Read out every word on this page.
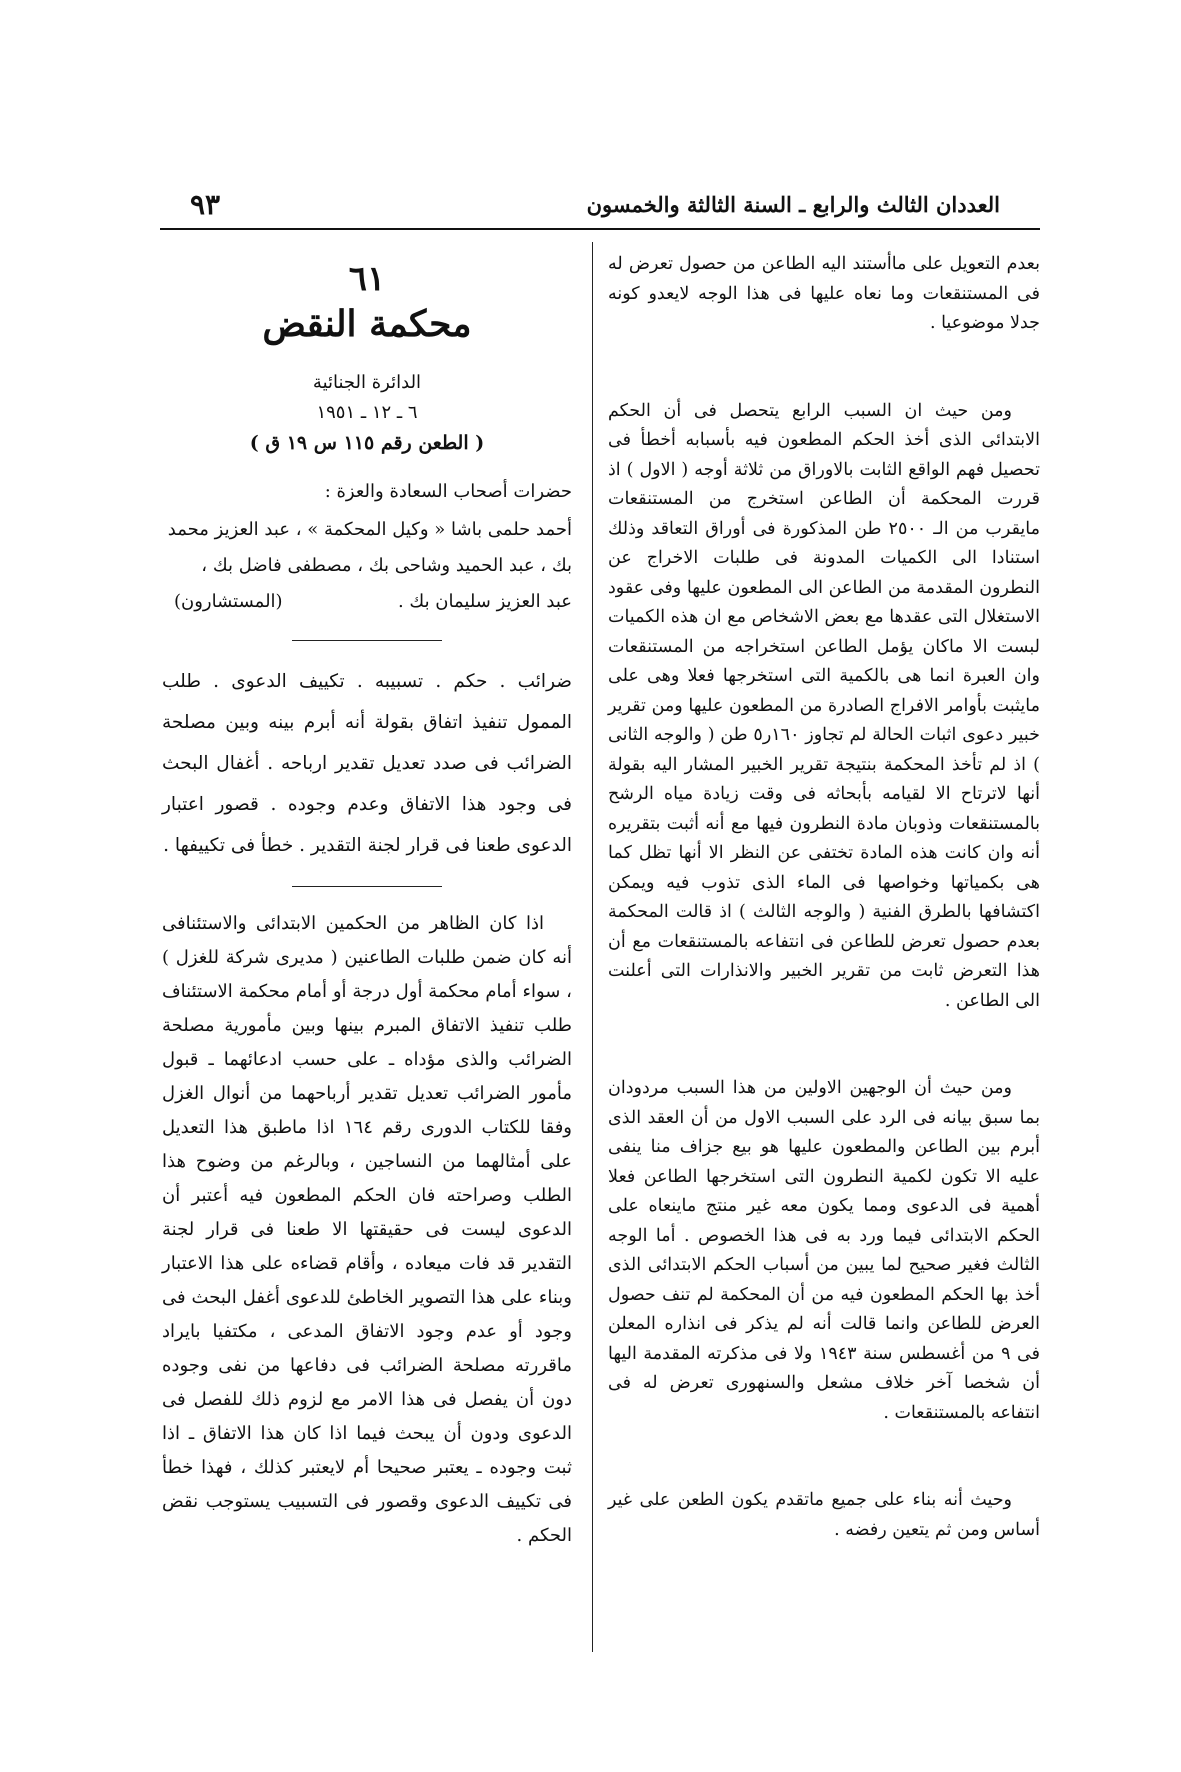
٩٣	العددان الثالث والرابع ـ السنة الثالثة والخمسون

بعدم التعويل على ماأستند اليه الطاعن من حصول تعرض له فى المستنقعات وما نعاه عليها فى هذا الوجه لايعدو كونه جدلا موضوعيا .

ومن حيث ان السبب الرابع يتحصل فى أن الحكم الابتدائى الذى أخذ الحكم المطعون فيه بأسبابه أخطأ فى تحصيل فهم الواقع الثابت بالاوراق من ثلاثة أوجه ( الاول ) اذ قررت المحكمة أن الطاعن استخرج من المستنقعات مايقرب من الـ ٢٥٠٠ طن المذكورة فى أوراق التعاقد وذلك استنادا الى الكميات المدونة فى طلبات الاخراج عن النطرون المقدمة من الطاعن الى المطعون عليها وفى عقود الاستغلال التى عقدها مع بعض الاشخاص مع ان هذه الكميات لبست الا ماكان يؤمل الطاعن استخراجه من المستنقعات وان العبرة انما هى بالكمية التى استخرجها فعلا وهى على مايثبت بأوامر الافراج الصادرة من المطعون عليها ومن تقرير خبير دعوى اثبات الحالة لم تجاوز ١٦٠ر٥ طن ( والوجه الثانى ) اذ لم تأخذ المحكمة بنتيجة تقرير الخبير المشار اليه بقولة أنها لاترتاح الا لقيامه بأبحاثه فى وقت زيادة مياه الرشح بالمستنقعات وذوبان مادة النطرون فيها مع أنه أثبت بتقريره أنه وان كانت هذه المادة تختفى عن النظر الا أنها تظل كما هى بكمياتها وخواصها فى الماء الذى تذوب فيه ويمكن اكتشافها بالطرق الفنية ( والوجه الثالث ) اذ قالت المحكمة بعدم حصول تعرض للطاعن فى انتفاعه بالمستنقعات مع أن هذا التعرض ثابت من تقرير الخبير والانذارات التى أعلنت الى الطاعن .

ومن حيث أن الوجهين الاولين من هذا السبب مردودان بما سبق بيانه فى الرد على السبب الاول من أن العقد الذى أبرم بين الطاعن والمطعون عليها هو بيع جزاف منا ينفى عليه الا تكون لكمية النطرون التى استخرجها الطاعن فعلا أهمية فى الدعوى ومما يكون معه غير منتج ماينعاه على الحكم الابتدائى فيما ورد به فى هذا الخصوص . أما الوجه الثالث فغير صحيح لما يبين من أسباب الحكم الابتدائى الذى أخذ بها الحكم المطعون فيه من أن المحكمة لم تنف حصول العرض للطاعن وانما قالت أنه لم يذكر فى انذاره المعلن فى ٩ من أغسطس سنة ١٩٤٣ ولا فى مذكرته المقدمة اليها أن شخصا آخر خلاف مشعل والسنهورى تعرض له فى انتفاعه بالمستنقعات .

وحيث أنه بناء على جميع ماتقدم يكون الطعن على غير أساس ومن ثم يتعين رفضه .

٦١
محكمة النقض
الدائرة الجنائية
٦ ـ ١٢ ـ ١٩٥١
( الطعن رقم ١١٥ س ١٩ ق )
حضرات أصحاب السعادة والعزة :
أحمد حلمى باشا « وكيل المحكمة » ، عبد العزيز محمد
بك ، عبد الحميد وشاحى بك ، مصطفى فاضل بك ،
عبد العزيز سليمان بك .
(المستشارون)

ضرائب . حكم . تسبيبه . تكييف الدعوى . طلب الممول تنفيذ اتفاق بقولة أنه أبرم بينه وبين مصلحة الضرائب فى صدد تعديل تقدير ارباحه . أغفال البحث فى وجود هذا الاتفاق وعدم وجوده . قصور اعتبار الدعوى طعنا فى قرار لجنة التقدير . خطأ فى تكييفها .

اذا كان الظاهر من الحكمين الابتدائى والاستئنافى أنه كان ضمن طلبات الطاعنين ( مديرى شركة للغزل ) ، سواء أمام محكمة أول درجة أو أمام محكمة الاستئناف طلب تنفيذ الاتفاق المبرم بينها وبين مأمورية مصلحة الضرائب والذى مؤداه ـ على حسب ادعائهما ـ قبول مأمور الضرائب تعديل تقدير أرباحهما من أنوال الغزل وفقا للكتاب الدورى رقم ١٦٤ اذا ماطبق هذا التعديل على أمثالهما من النساجين ، وبالرغم من وضوح هذا الطلب وصراحته فان الحكم المطعون فيه أعتبر أن الدعوى ليست فى حقيقتها الا طعنا فى قرار لجنة التقدير قد فات ميعاده ، وأقام قضاءه على هذا الاعتبار وبناء على هذا التصوير الخاطئ للدعوى أغفل البحث فى وجود أو عدم وجود الاتفاق المدعى ، مكتفيا بايراد ماقررته مصلحة الضرائب فى دفاعها من نفى وجوده دون أن يفصل فى هذا الامر مع لزوم ذلك للفصل فى الدعوى ودون أن يبحث فيما اذا كان هذا الاتفاق ـ اذا ثبت وجوده ـ يعتبر صحيحا أم لايعتبر كذلك ، فهذا خطأ فى تكييف الدعوى وقصور فى التسبيب يستوجب نقض الحكم .
